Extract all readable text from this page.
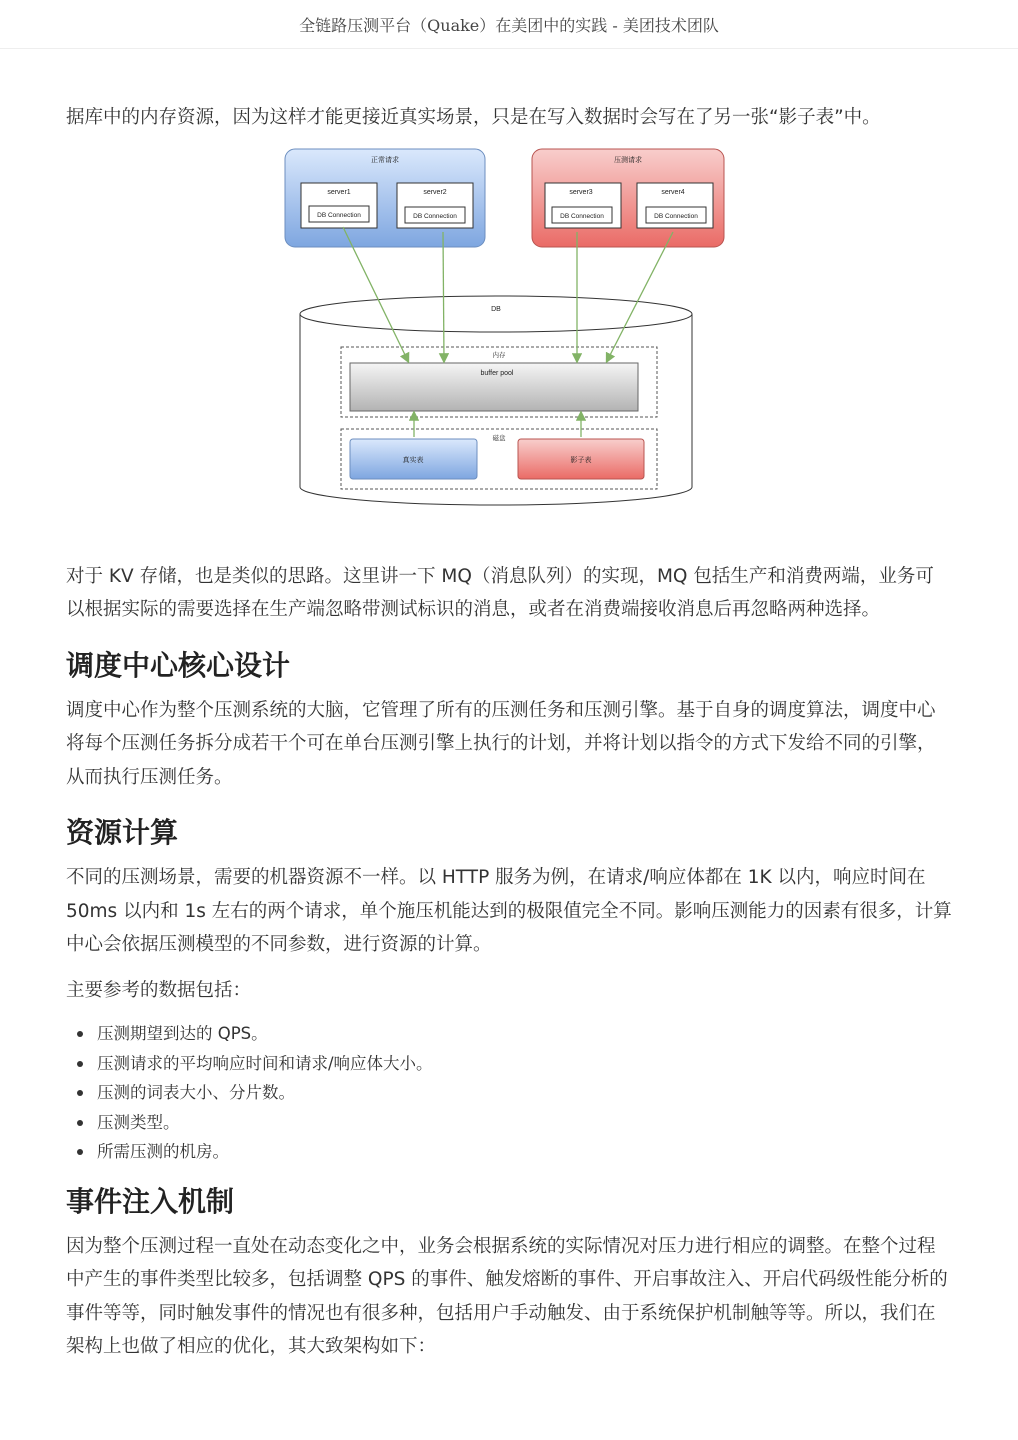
全链路压测平台（Quake）在美团中的实践 - 美团技术团队

据库中的内存资源，因为这样才能更接近真实场景，只是在写入数据时会写在了另一张“影子表”中。

正常请求
server1
DB Connection
server2
DB Connection
压测请求
server3
DB Connection
server4
DB Connection
DB
内存
buffer pool
磁盘
真实表	影子表

对于 KV 存储，也是类似的思路。这里讲一下 MQ（消息队列）的实现，MQ 包括生产和消费两端，业务可以根据实际的需要选择在生产端忽略带测试标识的消息，或者在消费端接收消息后再忽略两种选择。

调度中心核心设计

调度中心作为整个压测系统的大脑，它管理了所有的压测任务和压测引擎。基于自身的调度算法，调度中心将每个压测任务拆分成若干个可在单台压测引擎上执行的计划，并将计划以指令的方式下发给不同的引擎，从而执行压测任务。

资源计算

不同的压测场景，需要的机器资源不一样。以 HTTP 服务为例，在请求/响应体都在 1K 以内，响应时间在 50ms 以内和 1s 左右的两个请求，单个施压机能达到的极限值完全不同。影响压测能力的因素有很多，计算中心会依据压测模型的不同参数，进行资源的计算。

主要参考的数据包括：

压测期望到达的 QPS。
压测请求的平均响应时间和请求/响应体大小。
压测的词表大小、分片数。
压测类型。
所需压测的机房。
事件注入机制

因为整个压测过程一直处在动态变化之中，业务会根据系统的实际情况对压力进行相应的调整。在整个过程中产生的事件类型比较多，包括调整 QPS 的事件、触发熔断的事件、开启事故注入、开启代码级性能分析的事件等等，同时触发事件的情况也有很多种，包括用户手动触发、由于系统保护机制触等等。所以，我们在架构上也做了相应的优化，其大致架构如下：
